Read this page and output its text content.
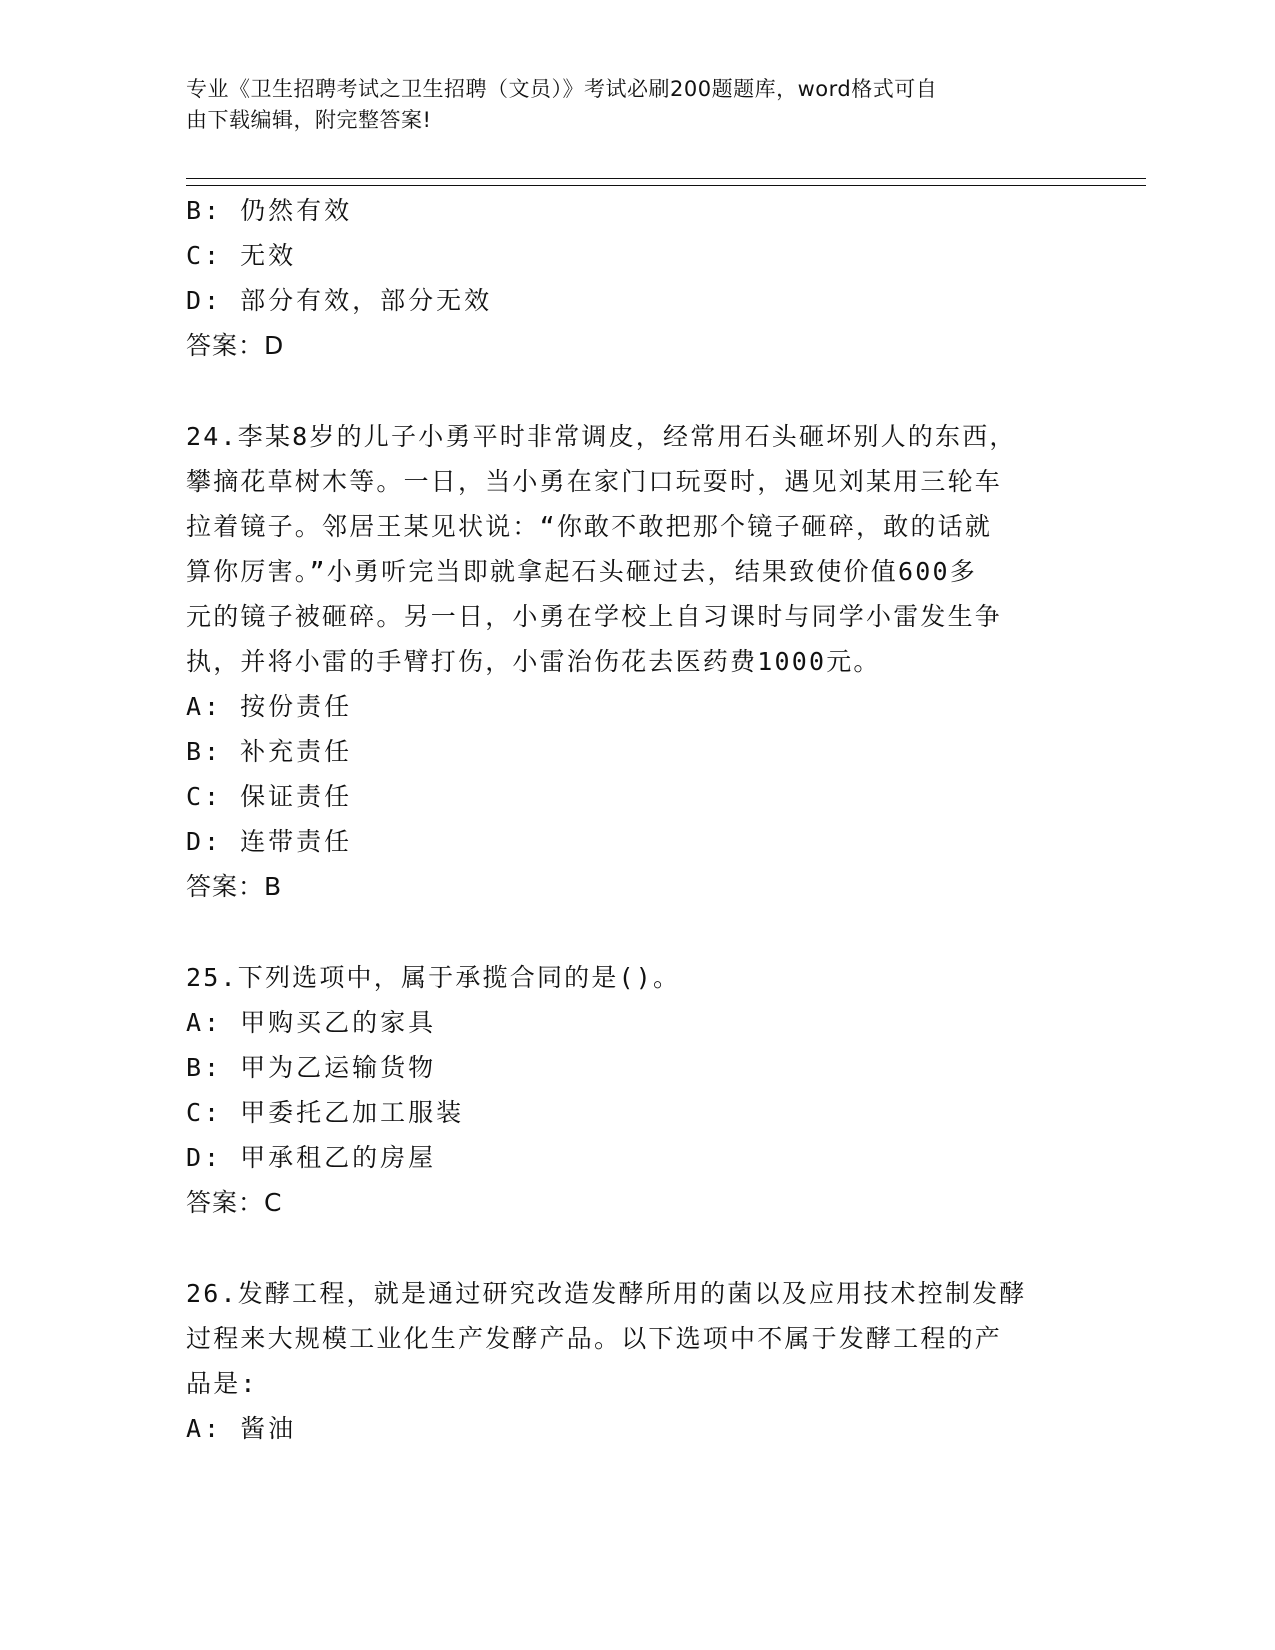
专业《卫生招聘考试之卫生招聘（文员）》考试必刷200题题库，word格式可自
由下载编辑，附完整答案!
B: 仍然有效
C: 无效
D: 部分有效，部分无效
答案：D
24.李某8岁的儿子小勇平时非常调皮，经常用石头砸坏别人的东西，
攀摘花草树木等。一日，当小勇在家门口玩耍时，遇见刘某用三轮车
拉着镜子。邻居王某见状说：“你敢不敢把那个镜子砸碎，敢的话就
算你厉害。”小勇听完当即就拿起石头砸过去，结果致使价值600多
元的镜子被砸碎。另一日，小勇在学校上自习课时与同学小雷发生争
执，并将小雷的手臂打伤，小雷治伤花去医药费1000元。
A: 按份责任
B: 补充责任
C: 保证责任
D: 连带责任
答案：B
25.下列选项中，属于承揽合同的是()。
A: 甲购买乙的家具
B: 甲为乙运输货物
C: 甲委托乙加工服装
D: 甲承租乙的房屋
答案：C
26.发酵工程，就是通过研究改造发酵所用的菌以及应用技术控制发酵
过程来大规模工业化生产发酵产品。以下选项中不属于发酵工程的产
品是:
A: 酱油
